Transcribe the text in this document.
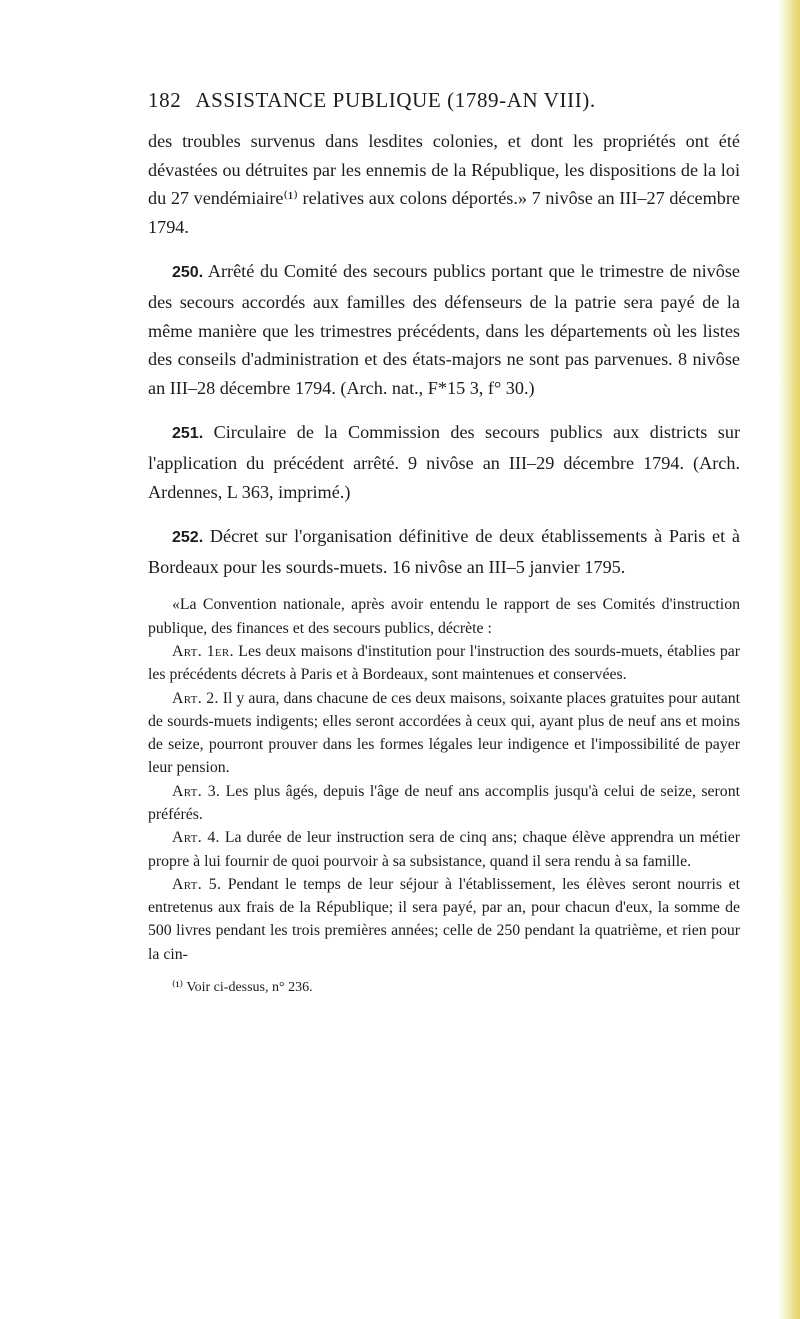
182 ASSISTANCE PUBLIQUE (1789-AN VIII).

des troubles survenus dans lesdites colonies, et dont les propriétés ont été dévastées ou détruites par les ennemis de la République, les dispositions de la loi du 27 vendémiaire⁽¹⁾ relatives aux colons déportés.» 7 nivôse an III–27 décembre 1794.

250. Arrêté du Comité des secours publics portant que le trimestre de nivôse des secours accordés aux familles des défenseurs de la patrie sera payé de la même manière que les trimestres précédents, dans les départements où les listes des conseils d'administration et des états-majors ne sont pas parvenues. 8 nivôse an III–28 décembre 1794. (Arch. nat., F*15 3, f° 30.)

251. Circulaire de la Commission des secours publics aux districts sur l'application du précédent arrêté. 9 nivôse an III–29 décembre 1794. (Arch. Ardennes, L 363, imprimé.)

252. Décret sur l'organisation définitive de deux établissements à Paris et à Bordeaux pour les sourds-muets. 16 nivôse an III–5 janvier 1795.

«La Convention nationale, après avoir entendu le rapport de ses Comités d'instruction publique, des finances et des secours publics, décrète :

Art. 1er. Les deux maisons d'institution pour l'instruction des sourds-muets, établies par les précédents décrets à Paris et à Bordeaux, sont maintenues et conservées.

Art. 2. Il y aura, dans chacune de ces deux maisons, soixante places gratuites pour autant de sourds-muets indigents; elles seront accordées à ceux qui, ayant plus de neuf ans et moins de seize, pourront prouver dans les formes légales leur indigence et l'impossibilité de payer leur pension.

Art. 3. Les plus âgés, depuis l'âge de neuf ans accomplis jusqu'à celui de seize, seront préférés.

Art. 4. La durée de leur instruction sera de cinq ans; chaque élève apprendra un métier propre à lui fournir de quoi pourvoir à sa subsistance, quand il sera rendu à sa famille.

Art. 5. Pendant le temps de leur séjour à l'établissement, les élèves seront nourris et entretenus aux frais de la République; il sera payé, par an, pour chacun d'eux, la somme de 500 livres pendant les trois premières années; celle de 250 pendant la quatrième, et rien pour la cin-

⁽¹⁾ Voir ci-dessus, n° 236.
